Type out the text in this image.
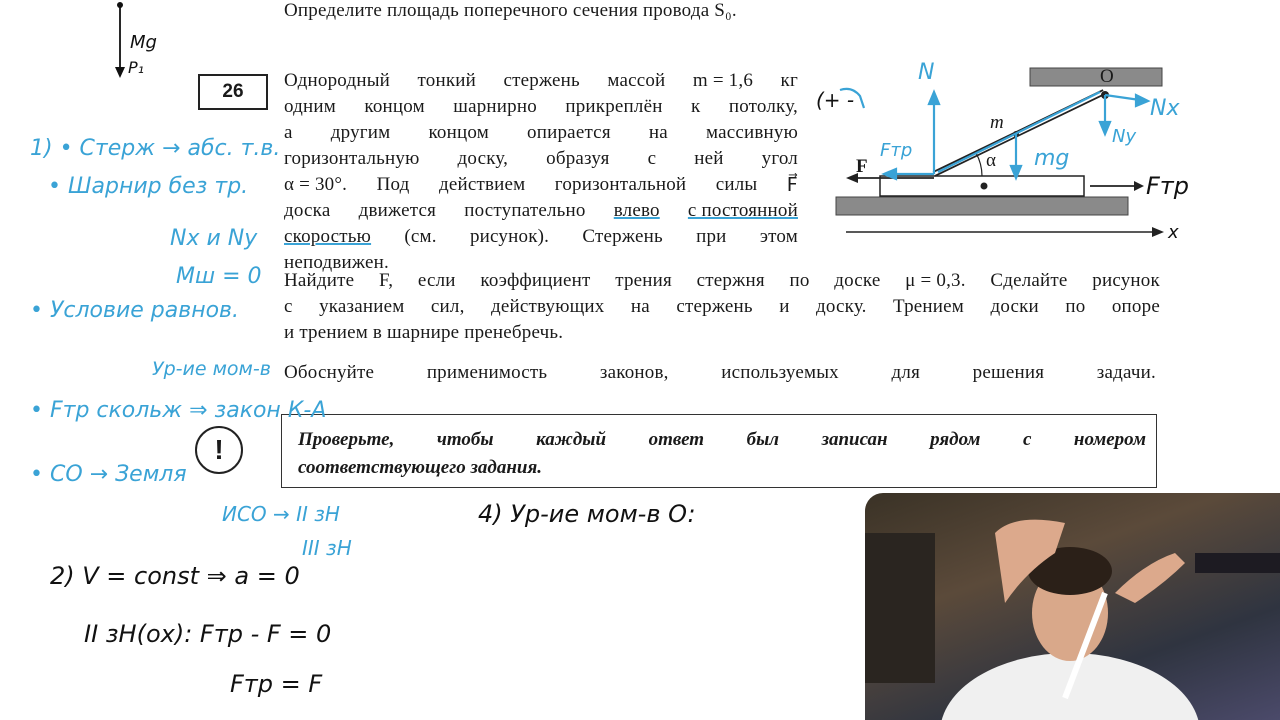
Определите площадь поперечного сечения провода S₀.
26
Однородный тонкий стержень массой m = 1,6 кг
одним концом шарнирно прикреплён к потолку,
а другим концом опирается на массивную
горизонтальную доску, образуя с ней угол
α = 30°. Под действием горизонтальной силы F⃗
доска движется поступательно влево с постоянной
скоростью (см. рисунок). Стержень при этом
неподвижен.
Найдите F, если коэффициент трения стержня по доске μ = 0,3. Сделайте рисунок
с указанием сил, действующих на стержень и доску. Трением доски по опоре
и трением в шарнире пренебречь.
Обоснуйте	применимость	законов,	используемых	для	решения	задачи.
!	Проверьте, чтобы каждый ответ был записан рядом с номером
соответствующего задания.
N
m
α
Fтр	mg
F
O
Nx
Ny
Fтр
x
(+ -
Mg
P₁
1) • Стерж → абс. т.в.
• Шарнир без тр.
Nx и Ny
Mш = 0
• Условие равнов.
Ур-ие мом-в
• Fтр скольж ⇒ закон К-А
• СО → Земля
ИСО → II зН
III зН
2) V = const ⇒ a = 0
II зН(ox): Fтр - F = 0
Fтр = F
4) Ур-ие мом-в O:
